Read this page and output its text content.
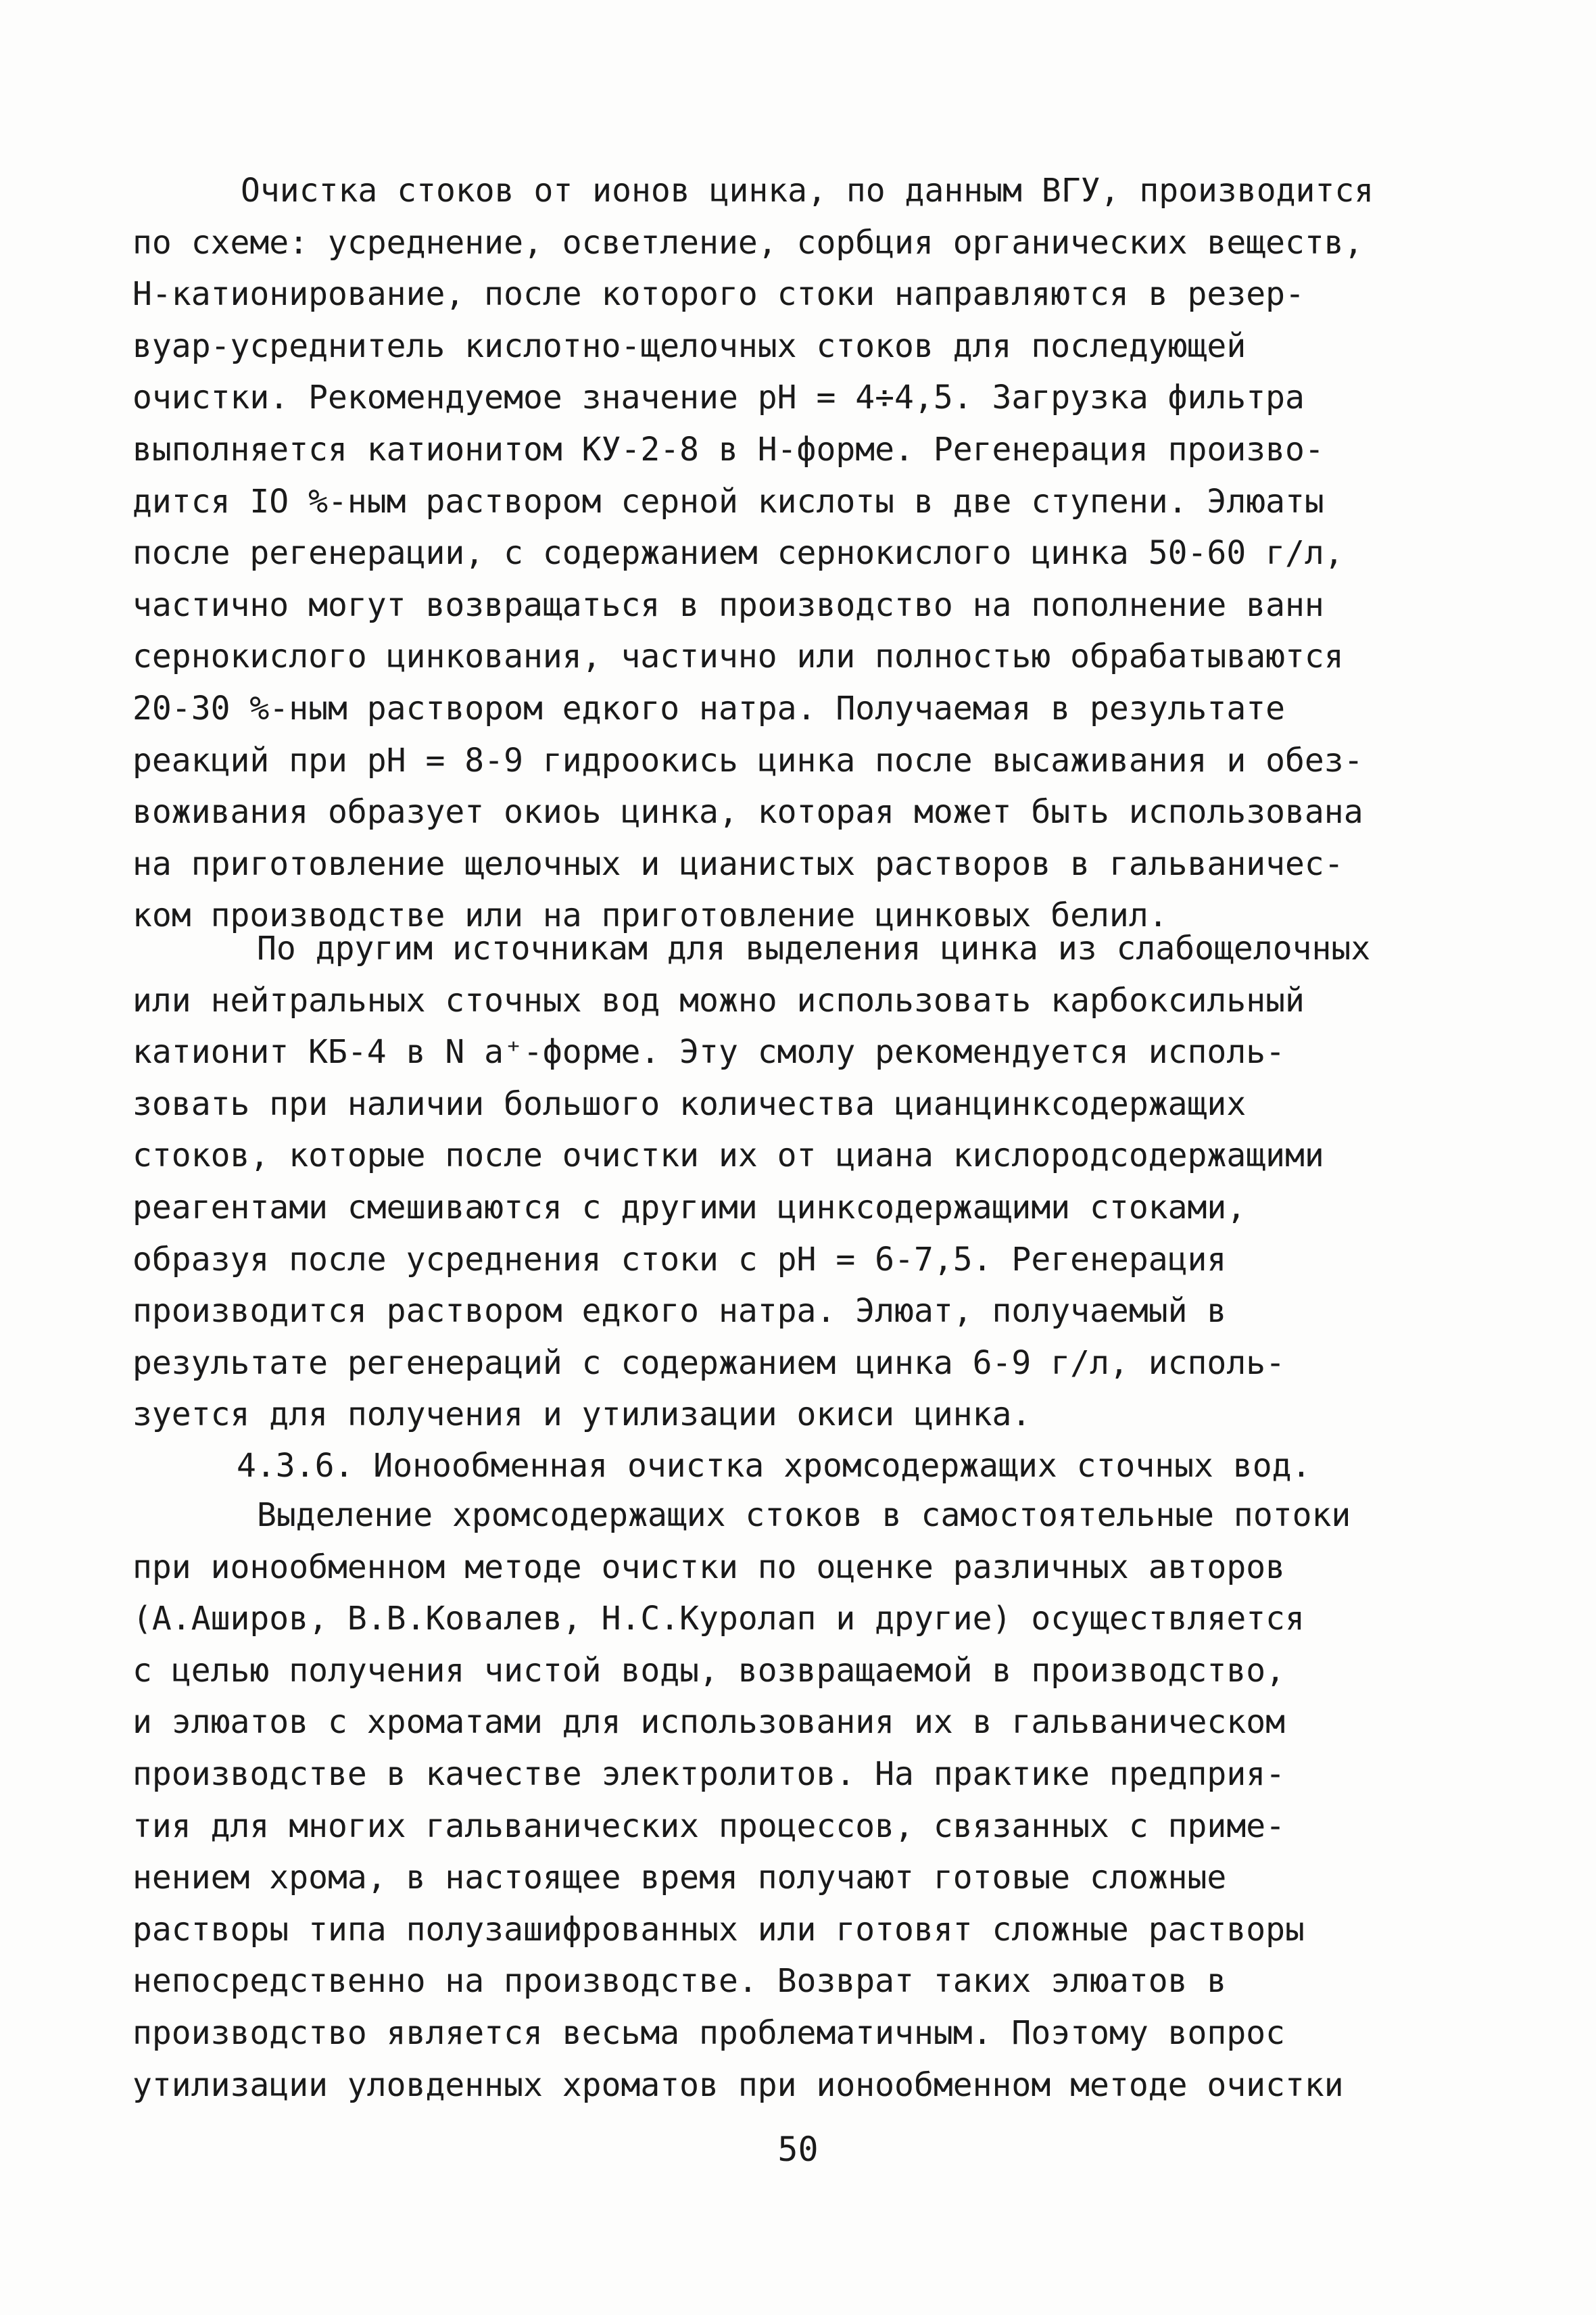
Очистка стоков от ионов цинка, по данным ВГУ, производится
по схеме: усреднение, осветление, сорбция органических веществ,
Н-катионирование, после которого стоки направляются в резер-
вуар-усреднитель кислотно-щелочных стоков для последующей
очистки. Рекомендуемое значение pH = 4÷4,5. Загрузка фильтра
выполняется катионитом КУ-2-8 в Н-форме. Регенерация произво-
дится IO %-ным раствором серной кислоты в две ступени. Элюаты
после регенерации, с содержанием сернокислого цинка 50-60 г/л,
частично могут возвращаться в производство на пополнение ванн
сернокислого цинкования, частично или полностью обрабатываются
20-30 %-ным раствором едкого натра. Получаемая в результате
реакций при pH = 8-9 гидроокись цинка после высаживания и обез-
воживания образует окиоь цинка, которая может быть использована
на приготовление щелочных и цианистых растворов в гальваничес-
ком производстве или на приготовление цинковых белил.

По другим источникам для выделения цинка из слабощелочных
или нейтральных сточных вод можно использовать карбоксильный
катионит КБ-4 в N а⁺-форме. Эту смолу рекомендуется исполь-
зовать при наличии большого количества цианцинксодержащих
стоков, которые после очистки их от циана кислородсодержащими
реагентами смешиваются с другими цинксодержащими стоками,
образуя после усреднения стоки с pH = 6-7,5. Регенерация
производится раствором едкого натра. Элюат, получаемый в
результате регенераций с содержанием цинка 6-9 г/л, исполь-
зуется для получения и утилизации окиси цинка.

4.3.6. Ионообменная очистка хромсодержащих сточных вод.

Выделение хромсодержащих стоков в самостоятельные потоки
при ионообменном методе очистки по оценке различных авторов
(А.Аширов, В.В.Ковалев, Н.С.Куролап и другие) осуществляется
с целью получения чистой воды, возвращаемой в производство,
и элюатов с хроматами для использования их в гальваническом
производстве в качестве электролитов. На практике предприя-
тия для многих гальванических процессов, связанных с приме-
нением хрома, в настоящее время получают готовые сложные
растворы типа полузашифрованных или готовят сложные растворы
непосредственно на производстве. Возврат таких элюатов в
производство является весьма проблематичным. Поэтому вопрос
утилизации уловденных хроматов при ионообменном методе очистки

50
